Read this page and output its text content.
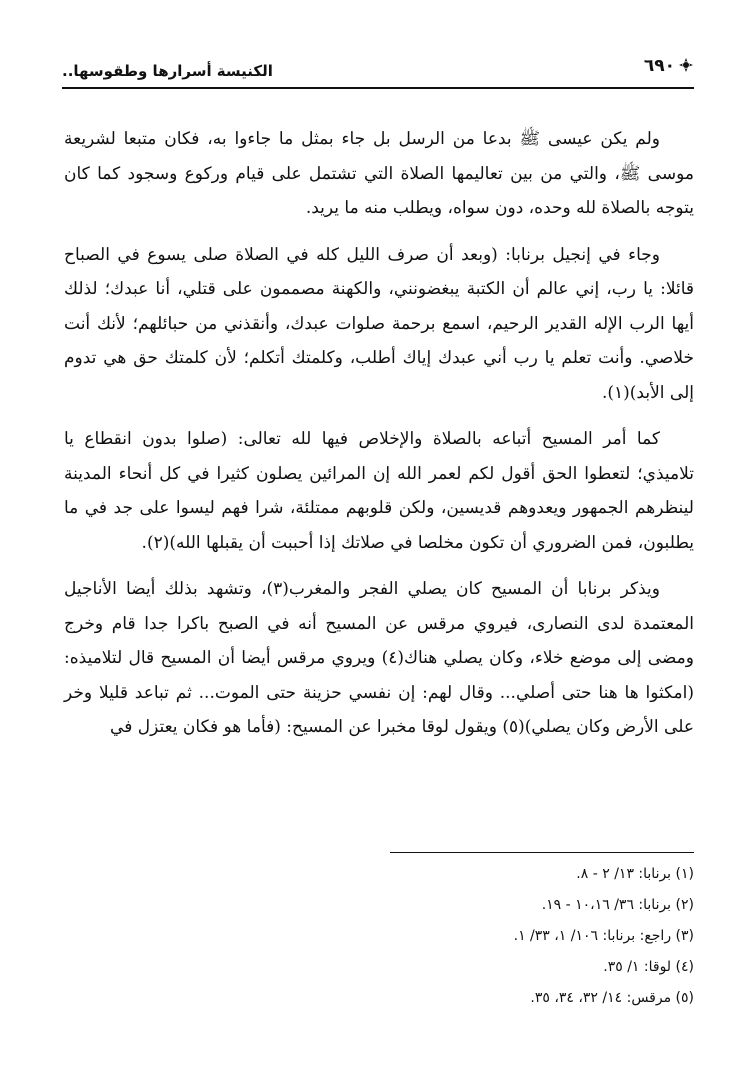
الكنيسة أسرارها وطقوسها..	٦٩٠

ولم يكن عيسى ﷺ بدعا من الرسل بل جاء بمثل ما جاءوا به، فكان متبعا لشريعة موسى ﷺ، والتي من بين تعاليمها الصلاة التي تشتمل على قيام وركوع وسجود كما كان يتوجه بالصلاة لله وحده، دون سواه، ويطلب منه ما يريد.

وجاء في إنجيل برنابا: (وبعد أن صرف الليل كله في الصلاة صلى يسوع في الصباح قائلا: يا رب، إني عالم أن الكتبة يبغضونني، والكهنة مصممون على قتلي، أنا عبدك؛ لذلك أيها الرب الإله القدير الرحيم، اسمع برحمة صلوات عبدك، وأنقذني من حبائلهم؛ لأنك أنت خلاصي. وأنت تعلم يا رب أني عبدك إياك أطلب، وكلمتك أتكلم؛ لأن كلمتك حق هي تدوم إلى الأبد)(١).

كما أمر المسيح أتباعه بالصلاة والإخلاص فيها لله تعالى: (صلوا بدون انقطاع يا تلاميذي؛ لتعطوا الحق أقول لكم لعمر الله إن المرائين يصلون كثيرا في كل أنحاء المدينة لينظرهم الجمهور ويعدوهم قديسين، ولكن قلوبهم ممتلئة، شرا فهم ليسوا على جد في ما يطلبون، فمن الضروري أن تكون مخلصا في صلاتك إذا أحببت أن يقبلها الله)(٢).

ويذكر برنابا أن المسيح كان يصلي الفجر والمغرب(٣)، وتشهد بذلك أيضا الأناجيل المعتمدة لدى النصارى، فيروي مرقس عن المسيح أنه في الصبح باكرا جدا قام وخرج ومضى إلى موضع خلاء، وكان يصلي هناك(٤) ويروي مرقس أيضا أن المسيح قال لتلاميذه: (امكثوا ها هنا حتى أصلي... وقال لهم: إن نفسي حزينة حتى الموت... ثم تباعد قليلا وخر على الأرض وكان يصلي)(٥) ويقول لوقا مخبرا عن المسيح: (فأما هو فكان يعتزل في

(١) برنابا: ١٣/ ٢ - ٨.

(٢) برنابا: ٣٦/ ١٠،١٦ - ١٩.

(٣) راجع: برنابا: ١٠٦/ ١، ٣٣/ ١.

(٤) لوقا: ١/ ٣٥.

(٥) مرقس: ١٤/ ٣٢، ٣٤، ٣٥.
